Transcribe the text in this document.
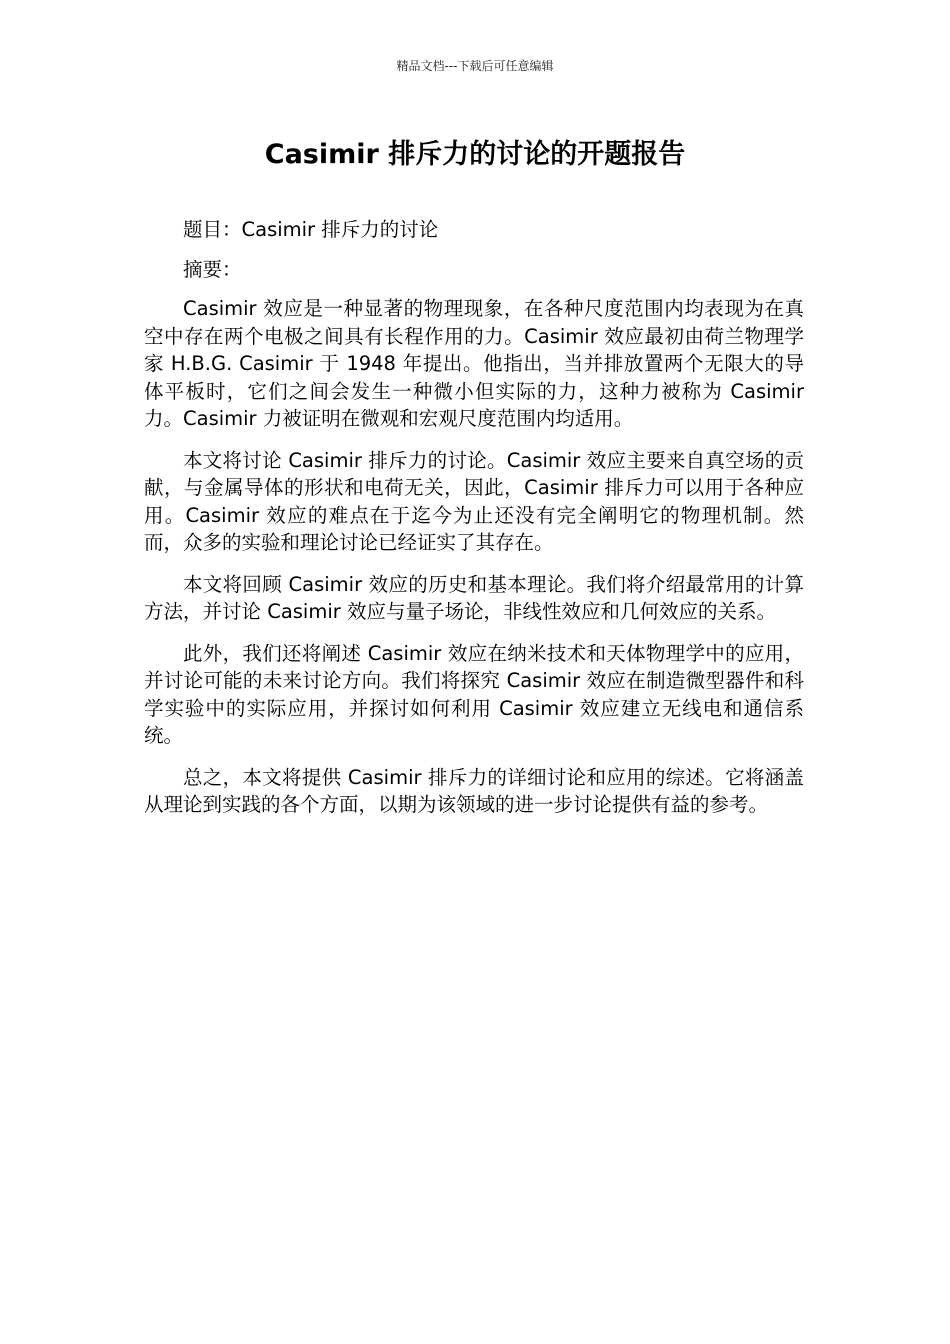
精品文档---下载后可任意编辑
Casimir 排斥力的讨论的开题报告

题目：Casimir 排斥力的讨论

摘要：

Casimir 效应是一种显著的物理现象，在各种尺度范围内均表现为在真空中存在两个电极之间具有长程作用的力。Casimir 效应最初由荷兰物理学家 H.B.G. Casimir 于 1948 年提出。他指出，当并排放置两个无限大的导体平板时，它们之间会发生一种微小但实际的力，这种力被称为 Casimir 力。Casimir 力被证明在微观和宏观尺度范围内均适用。

本文将讨论 Casimir 排斥力的讨论。Casimir 效应主要来自真空场的贡献，与金属导体的形状和电荷无关，因此，Casimir 排斥力可以用于各种应用。Casimir 效应的难点在于迄今为止还没有完全阐明它的物理机制。然而，众多的实验和理论讨论已经证实了其存在。

本文将回顾 Casimir 效应的历史和基本理论。我们将介绍最常用的计算方法，并讨论 Casimir 效应与量子场论，非线性效应和几何效应的关系。

此外，我们还将阐述 Casimir 效应在纳米技术和天体物理学中的应用，并讨论可能的未来讨论方向。我们将探究 Casimir 效应在制造微型器件和科学实验中的实际应用，并探讨如何利用 Casimir 效应建立无线电和通信系统。

总之，本文将提供 Casimir 排斥力的详细讨论和应用的综述。它将涵盖从理论到实践的各个方面，以期为该领域的进一步讨论提供有益的参考。
